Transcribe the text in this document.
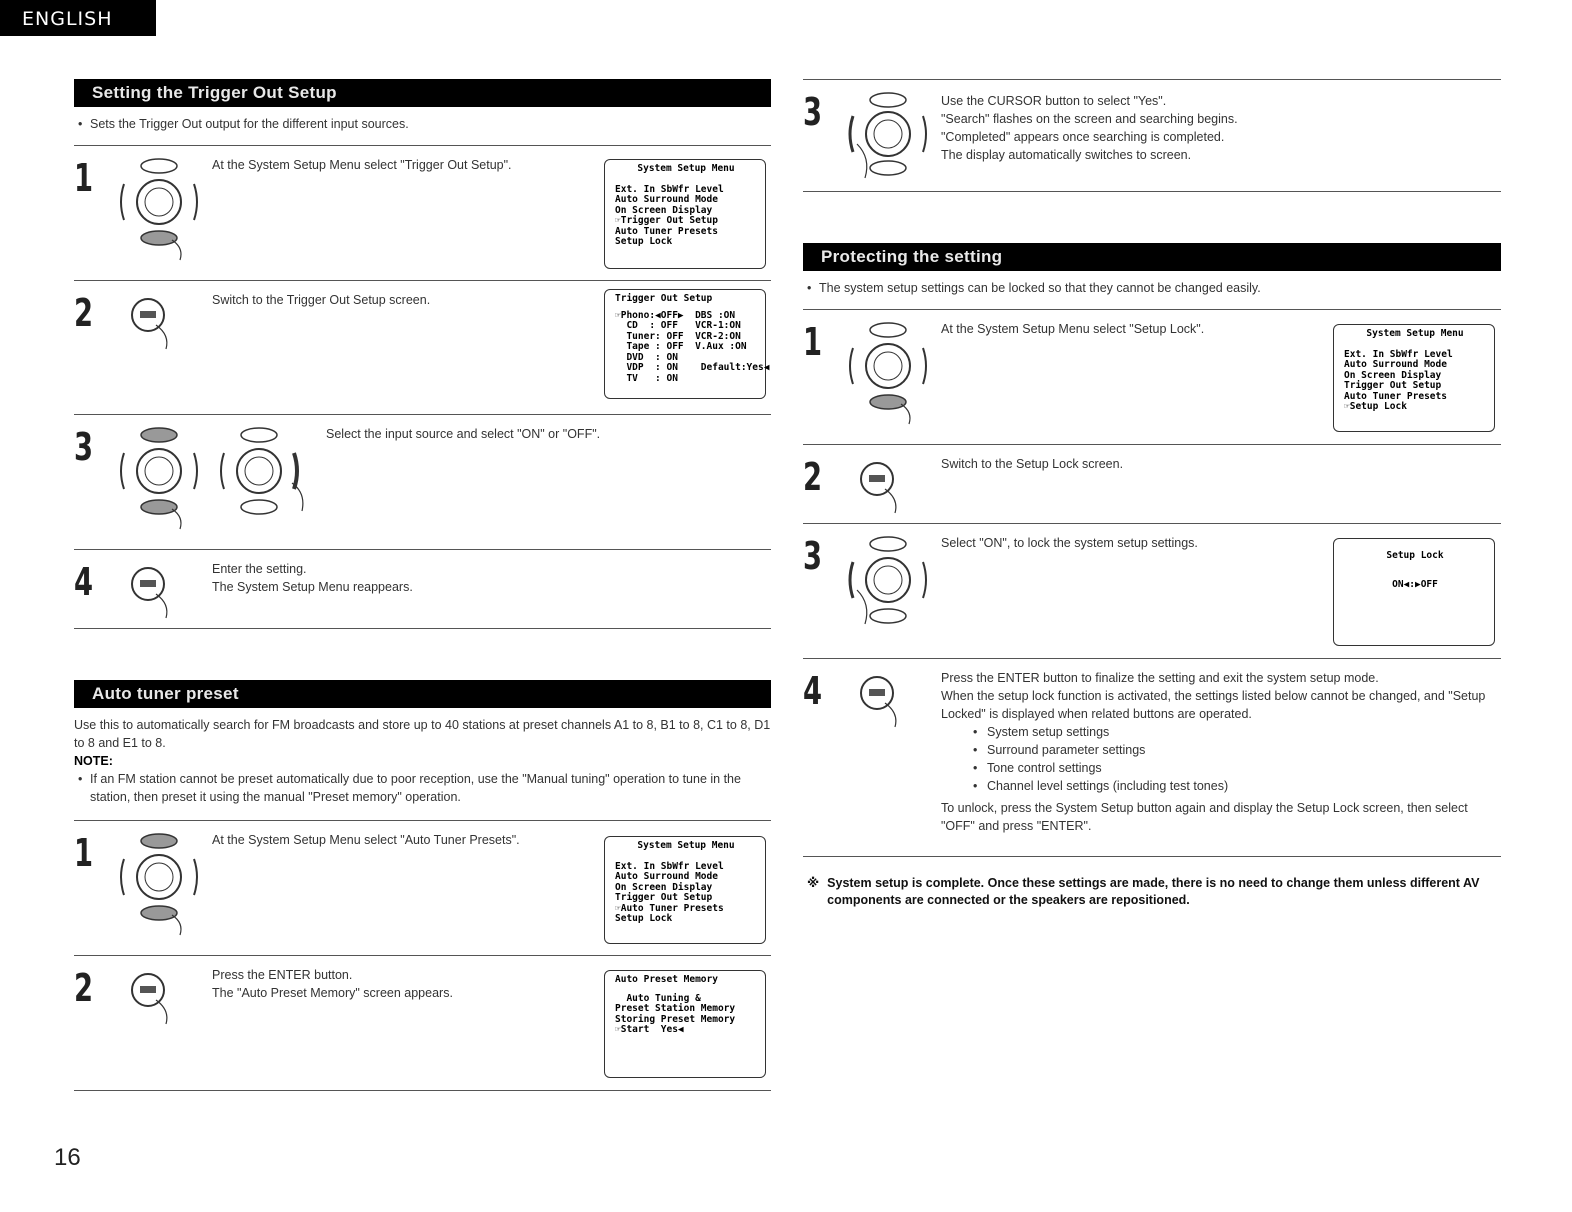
ENGLISH
Setting the Trigger Out Setup
• Sets the Trigger Out output for the different input sources.
1	At the System Setup Menu select "Trigger Out Setup".	System Setup Menu
Ext. In SbWfr Level
Auto Surround Mode
On Screen Display
☞Trigger Out Setup
Auto Tuner Presets
Setup Lock
2	Switch to the Trigger Out Setup screen.	Trigger Out Setup
☞Phono:◀OFF▶  DBS :ON
CD  : OFF   VCR-1:ON
Tuner: OFF  VCR-2:ON
Tape : OFF  V.Aux :ON
DVD  : ON
VDP  : ON    Default:Yes◀
TV   : ON
3	Select the input source and select "ON" or "OFF".
4	Enter the setting.
The System Setup Menu reappears.
Auto tuner preset
Use this to automatically search for FM broadcasts and store up to 40 stations at preset channels A1 to 8, B1 to 8, C1 to 8, D1 to 8 and E1 to 8.
NOTE:
• If an FM station cannot be preset automatically due to poor reception, use the "Manual tuning" operation to tune in the station, then preset it using the manual "Preset memory" operation.
1	At the System Setup Menu select "Auto Tuner Presets".	System Setup Menu
Ext. In SbWfr Level
Auto Surround Mode
On Screen Display
Trigger Out Setup
☞Auto Tuner Presets
Setup Lock
2	Press the ENTER button.
The "Auto Preset Memory" screen appears.
Auto Preset Memory
Auto Tuning &
Preset Station Memory
Storing Preset Memory
☞Start  Yes◀
3	Use the CURSOR button to select "Yes".
"Search" flashes on the screen and searching begins.
"Completed" appears once searching is completed.
The display automatically switches to screen.
Protecting the setting
• The system setup settings can be locked so that they cannot be changed easily.
1	At the System Setup Menu select "Setup Lock".	System Setup Menu
Ext. In SbWfr Level
Auto Surround Mode
On Screen Display
Trigger Out Setup
Auto Tuner Presets
☞Setup Lock
2	Switch to the Setup Lock screen.
3	Select "ON", to lock the system setup settings.
Setup Lock
ON◀:▶OFF
4	Press the ENTER button to finalize the setting and exit the system setup mode.
When the setup lock function is activated, the settings listed below cannot be changed, and "Setup Locked" is displayed when related buttons are operated.
• System setup settings
• Surround parameter settings
• Tone control settings
• Channel level settings (including test tones)
To unlock, press the System Setup button again and display the Setup Lock screen, then select "OFF" and press "ENTER".
※ System setup is complete. Once these settings are made, there is no need to change them unless different AV components are connected or the speakers are repositioned.
16
